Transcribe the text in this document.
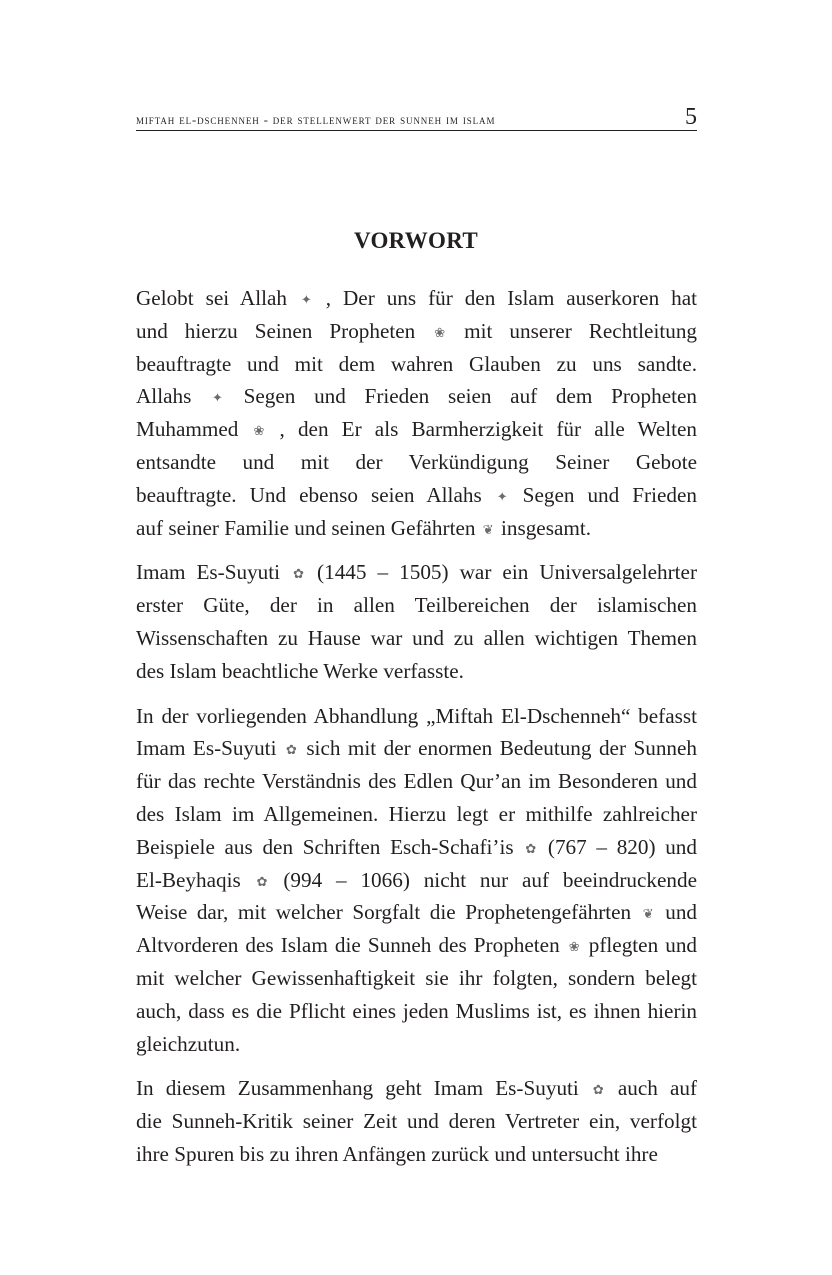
miftah el-dschenneh - der stellenwert der sunneh im islam	5
VORWORT

Gelobt sei Allah ✦ , Der uns für den Islam auserkoren hat
und hierzu Seinen Propheten ❀ mit unserer Rechtleitung
beauftragte und mit dem wahren Glauben zu uns sandte.
Allahs ✦ Segen und Frieden seien auf dem Propheten
Muhammed ❀ , den Er als Barmherzigkeit für alle Welten
entsandte und mit der Verkündigung Seiner Gebote
beauftragte. Und ebenso seien Allahs ✦ Segen und Frieden
auf seiner Familie und seinen Gefährten ❦ insgesamt.

Imam Es-Suyuti ✿ (1445 – 1505) war ein Universalgelehrter
erster Güte, der in allen Teilbereichen der islamischen
Wissenschaften zu Hause war und zu allen wichtigen Themen
des Islam beachtliche Werke verfasste.

In der vorliegenden Abhandlung „Miftah El-Dschenneh“ befasst
Imam Es-Suyuti ✿ sich mit der enormen Bedeutung der Sunneh
für das rechte Verständnis des Edlen Qur’an im Besonderen und
des Islam im Allgemeinen. Hierzu legt er mithilfe zahlreicher
Beispiele aus den Schriften Esch-Schafi’is ✿ (767 – 820) und
El-Beyhaqis ✿ (994 – 1066) nicht nur auf beeindruckende
Weise dar, mit welcher Sorgfalt die Prophetengefährten ❦ und
Altvorderen des Islam die Sunneh des Propheten ❀ pflegten und
mit welcher Gewissenhaftigkeit sie ihr folgten, sondern belegt
auch, dass es die Pflicht eines jeden Muslims ist, es ihnen hierin
gleichzutun.

In diesem Zusammenhang geht Imam Es-Suyuti ✿ auch auf
die Sunneh-Kritik seiner Zeit und deren Vertreter ein, verfolgt
ihre Spuren bis zu ihren Anfängen zurück und untersucht ihre
